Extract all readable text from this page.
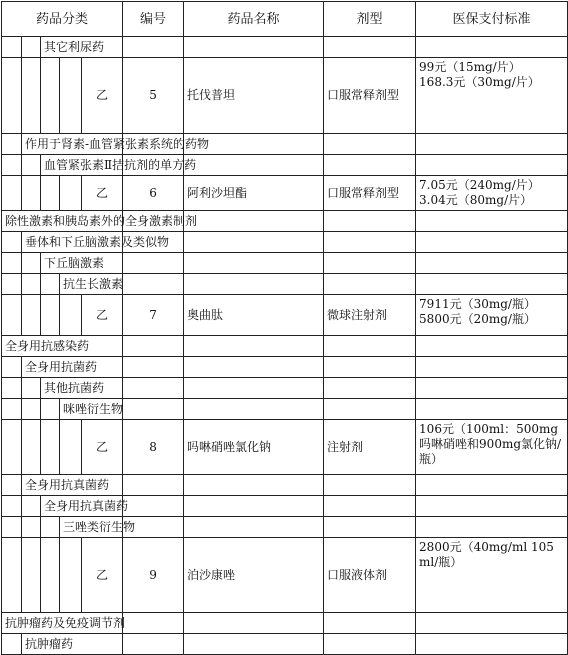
药品分类					编号	药品名称	剂型	医保支付标准
		其它利尿药						
				乙	5	托伐普坦	口服常释剂型	99元（15mg/片）
168.3元（30mg/片）
	作用于肾素-血管紧张素系统的药物							
		血管紧张素Ⅱ拮抗剂的单方药						
				乙	6	阿利沙坦酯	口服常释剂型	7.05元（240mg/片）
3.04元（80mg/片）
除性激素和胰岛素外的全身激素制剂								
	垂体和下丘脑激素及类似物							
		下丘脑激素						
			抗生长激素					
				乙	7	奥曲肽	微球注射剂	7911元（30mg/瓶）
5800元（20mg/瓶）
全身用抗感染药								
	全身用抗菌药							
		其他抗菌药						
			咪唑衍生物					
				乙	8	吗啉硝唑氯化钠	注射剂	106元（100ml：500mg吗啉硝唑和900mg氯化钠/瓶）
	全身用抗真菌药							
		全身用抗真菌药						
			三唑类衍生物					
				乙	9	泊沙康唑	口服液体剂	2800元（40mg/ml 105ml/瓶）
抗肿瘤药及免疫调节剂								
	抗肿瘤药							
